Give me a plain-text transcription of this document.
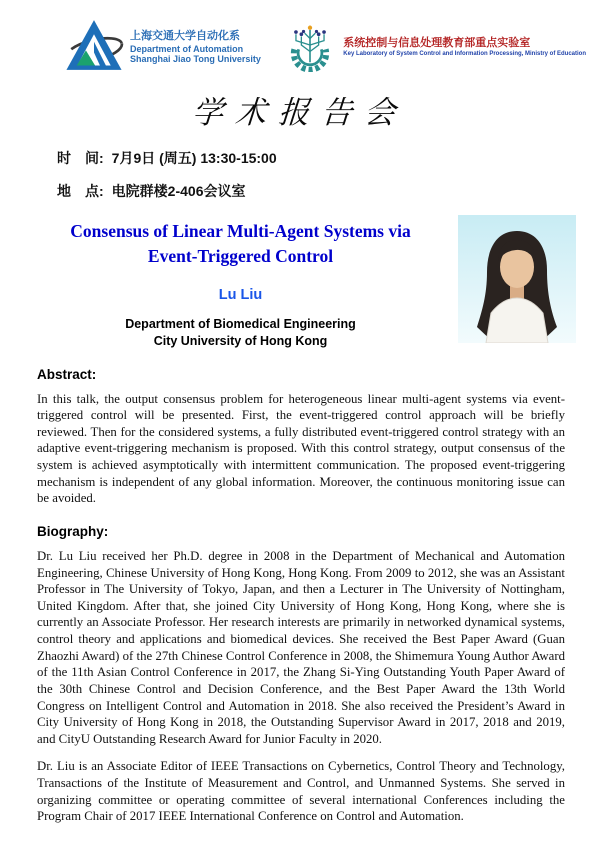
上海交通大学自动化系
Department of Automation
Shanghai Jiao Tong University
系统控制与信息处理教育部重点实验室
Key Laboratory of System Control and Information Processing, Ministry of Education
学术报告会
时　间: 7月9日 (周五) 13:30-15:00
地　点: 电院群楼2-406会议室
Consensus of Linear Multi-Agent Systems via Event-Triggered Control
Lu Liu
Department of Biomedical Engineering
City University of Hong Kong
Abstract:
In this talk, the output consensus problem for heterogeneous linear multi-agent systems via event-triggered control will be presented. First, the event-triggered control approach will be briefly reviewed. Then for the considered systems, a fully distributed event-triggered control strategy with an adaptive event-triggering mechanism is proposed. With this control strategy, output consensus of the system is achieved asymptotically with intermittent communication. The proposed event-triggering mechanism is independent of any global information. Moreover, the continuous monitoring issue can be avoided.
Biography:
Dr. Lu Liu received her Ph.D. degree in 2008 in the Department of Mechanical and Automation Engineering, Chinese University of Hong Kong, Hong Kong. From 2009 to 2012, she was an Assistant Professor in The University of Tokyo, Japan, and then a Lecturer in The University of Nottingham, United Kingdom. After that, she joined City University of Hong Kong, Hong Kong, where she is currently an Associate Professor. Her research interests are primarily in networked dynamical systems, control theory and applications and biomedical devices. She received the Best Paper Award (Guan Zhaozhi Award) of the 27th Chinese Control Conference in 2008, the Shimemura Young Author Award of the 11th Asian Control Conference in 2017, the Zhang Si-Ying Outstanding Youth Paper Award of the 30th Chinese Control and Decision Conference, and the Best Paper Award the 13th World Congress on Intelligent Control and Automation in 2018. She also received the President’s Award in City University of Hong Kong in 2018, the Outstanding Supervisor Award in 2017, 2018 and 2019, and CityU Outstanding Research Award for Junior Faculty in 2020.
Dr. Liu is an Associate Editor of IEEE Transactions on Cybernetics, Control Theory and Technology, Transactions of the Institute of Measurement and Control, and Unmanned Systems. She served in organizing committee or operating committee of several international Conferences including the Program Chair of 2017 IEEE International Conference on Control and Automation.
